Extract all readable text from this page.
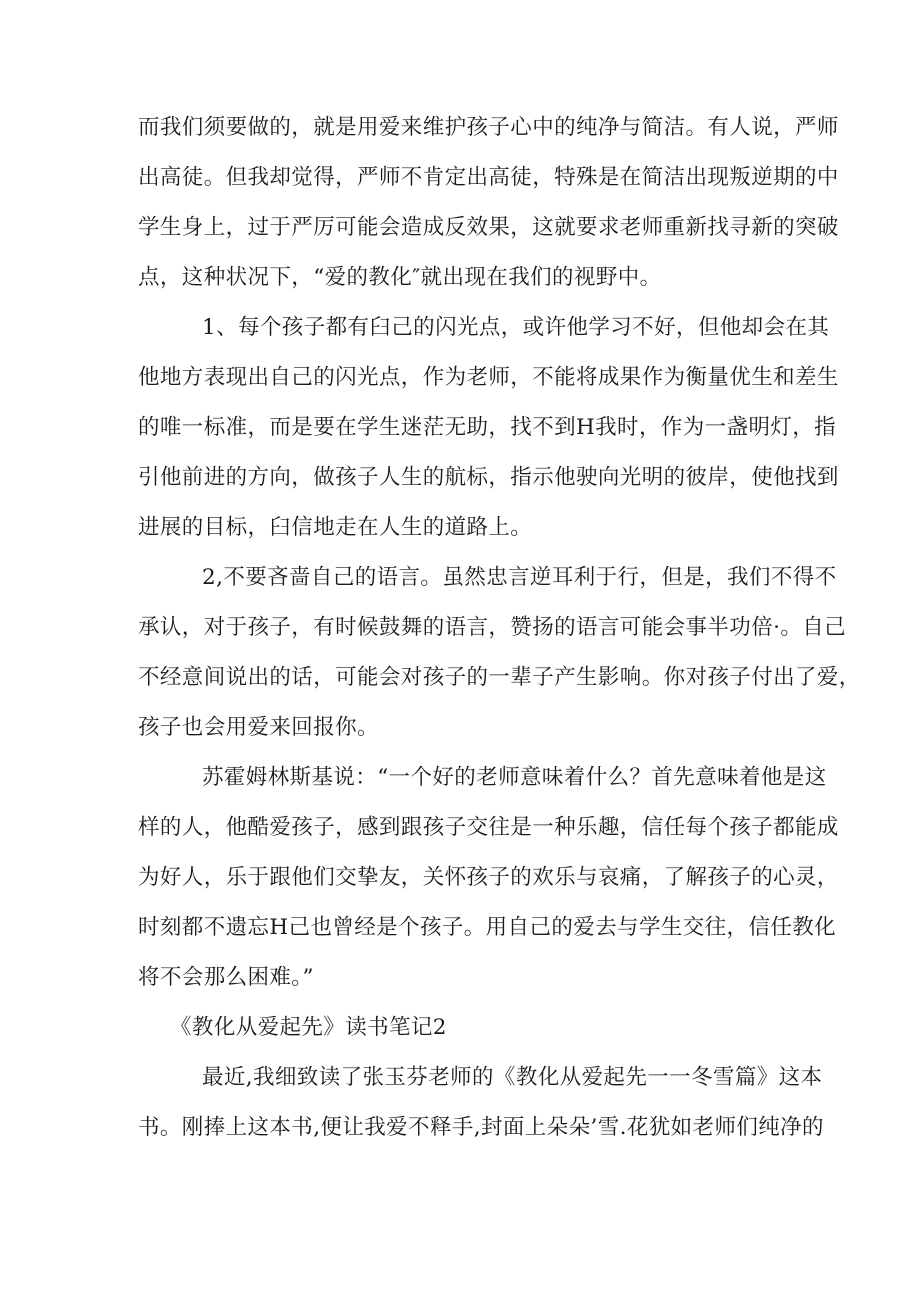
而我们须要做的，就是用爱来维护孩子心中的纯净与简洁。有人说，严师
出高徒。但我却觉得，严师不肯定出高徒，特殊是在简洁出现叛逆期的中
学生身上，过于严厉可能会造成反效果，这就要求老师重新找寻新的突破
点，这种状况下，“爱的教化″就出现在我们的视野中。
1、每个孩子都有臼己的闪光点，或许他学习不好，但他却会在其
他地方表现出自己的闪光点，作为老师，不能将成果作为衡量优生和差生
的唯一标准，而是要在学生迷茫无助，找不到H我时，作为一盏明灯，指
引他前进的方向，做孩子人生的航标，指示他驶向光明的彼岸，使他找到
进展的目标，臼信地走在人生的道路上。
2,不要吝啬自己的语言。虽然忠言逆耳利于行，但是，我们不得不
承认，对于孩子，有时候鼓舞的语言，赞扬的语言可能会事半功倍·。自己
不经意间说出的话，可能会对孩子的一辈子产生影响。你对孩子付出了爱，
孩子也会用爱来回报你。
苏霍姆林斯基说：“一个好的老师意味着什么？首先意味着他是这
样的人，他酷爱孩子，感到跟孩子交往是一种乐趣，信任每个孩子都能成
为好人，乐于跟他们交挚友，关怀孩子的欢乐与哀痛，了解孩子的心灵，
时刻都不遗忘H己也曾经是个孩子。用自己的爱去与学生交往，信任教化
将不会那么困难。”
《教化从爱起先》读书笔记2
最近,我细致读了张玉芬老师的《教化从爱起先一一冬雪篇》这本
书。刚捧上这本书,便让我爱不释手,封面上朵朵’雪.花犹如老师们纯净的
